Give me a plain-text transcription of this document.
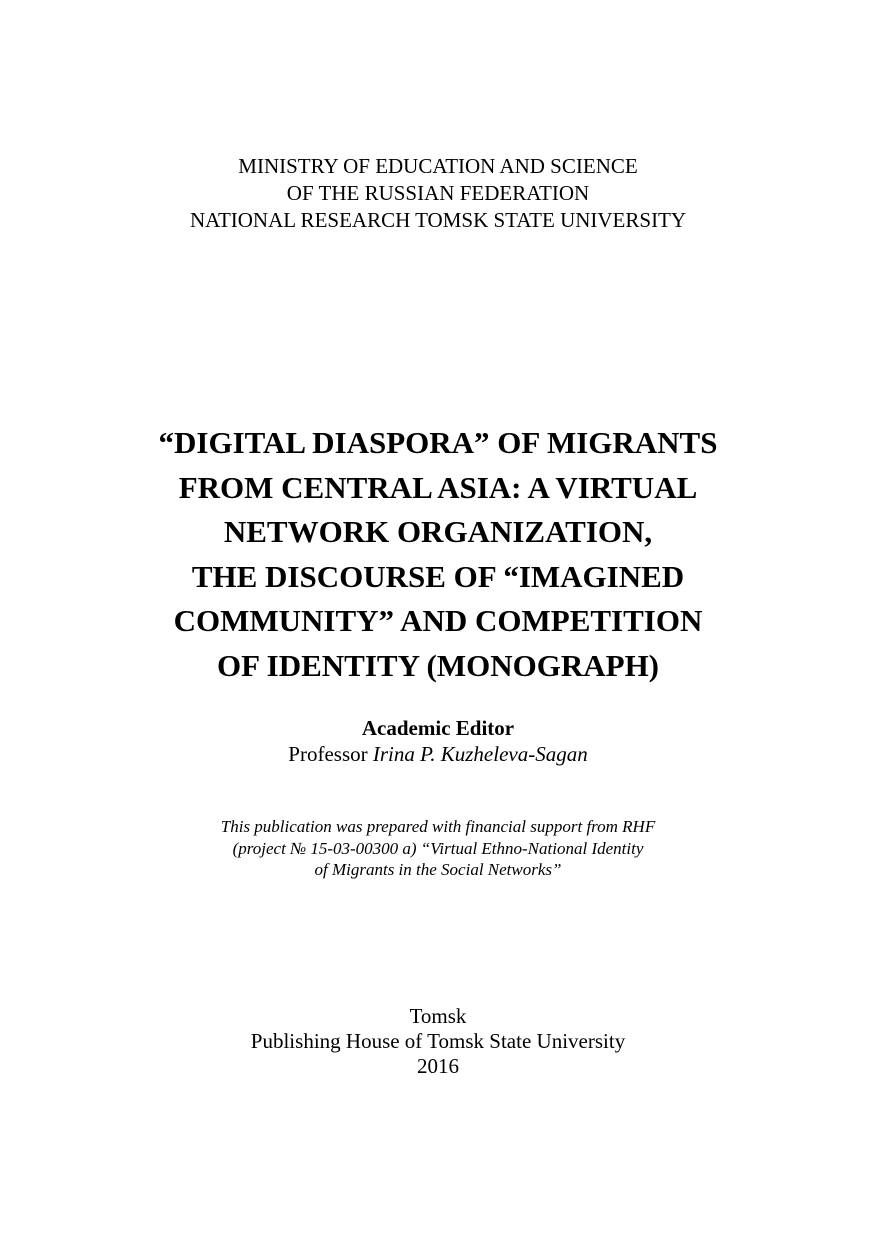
MINISTRY OF EDUCATION AND SCIENCE
OF THE RUSSIAN FEDERATION
NATIONAL RESEARCH TOMSK STATE UNIVERSITY
“DIGITAL DIASPORA” OF MIGRANTS
FROM CENTRAL ASIA: A VIRTUAL
NETWORK ORGANIZATION,
THE DISCOURSE OF “IMAGINED
COMMUNITY” AND COMPETITION
OF IDENTITY (MONOGRAPH)
Academic Editor
Professor Irina P. Kuzheleva-Sagan
This publication was prepared with financial support from RHF
(project № 15-03-00300 a) “Virtual Ethno-National Identity
of Migrants in the Social Networks”
Tomsk
Publishing House of Tomsk State University
2016
